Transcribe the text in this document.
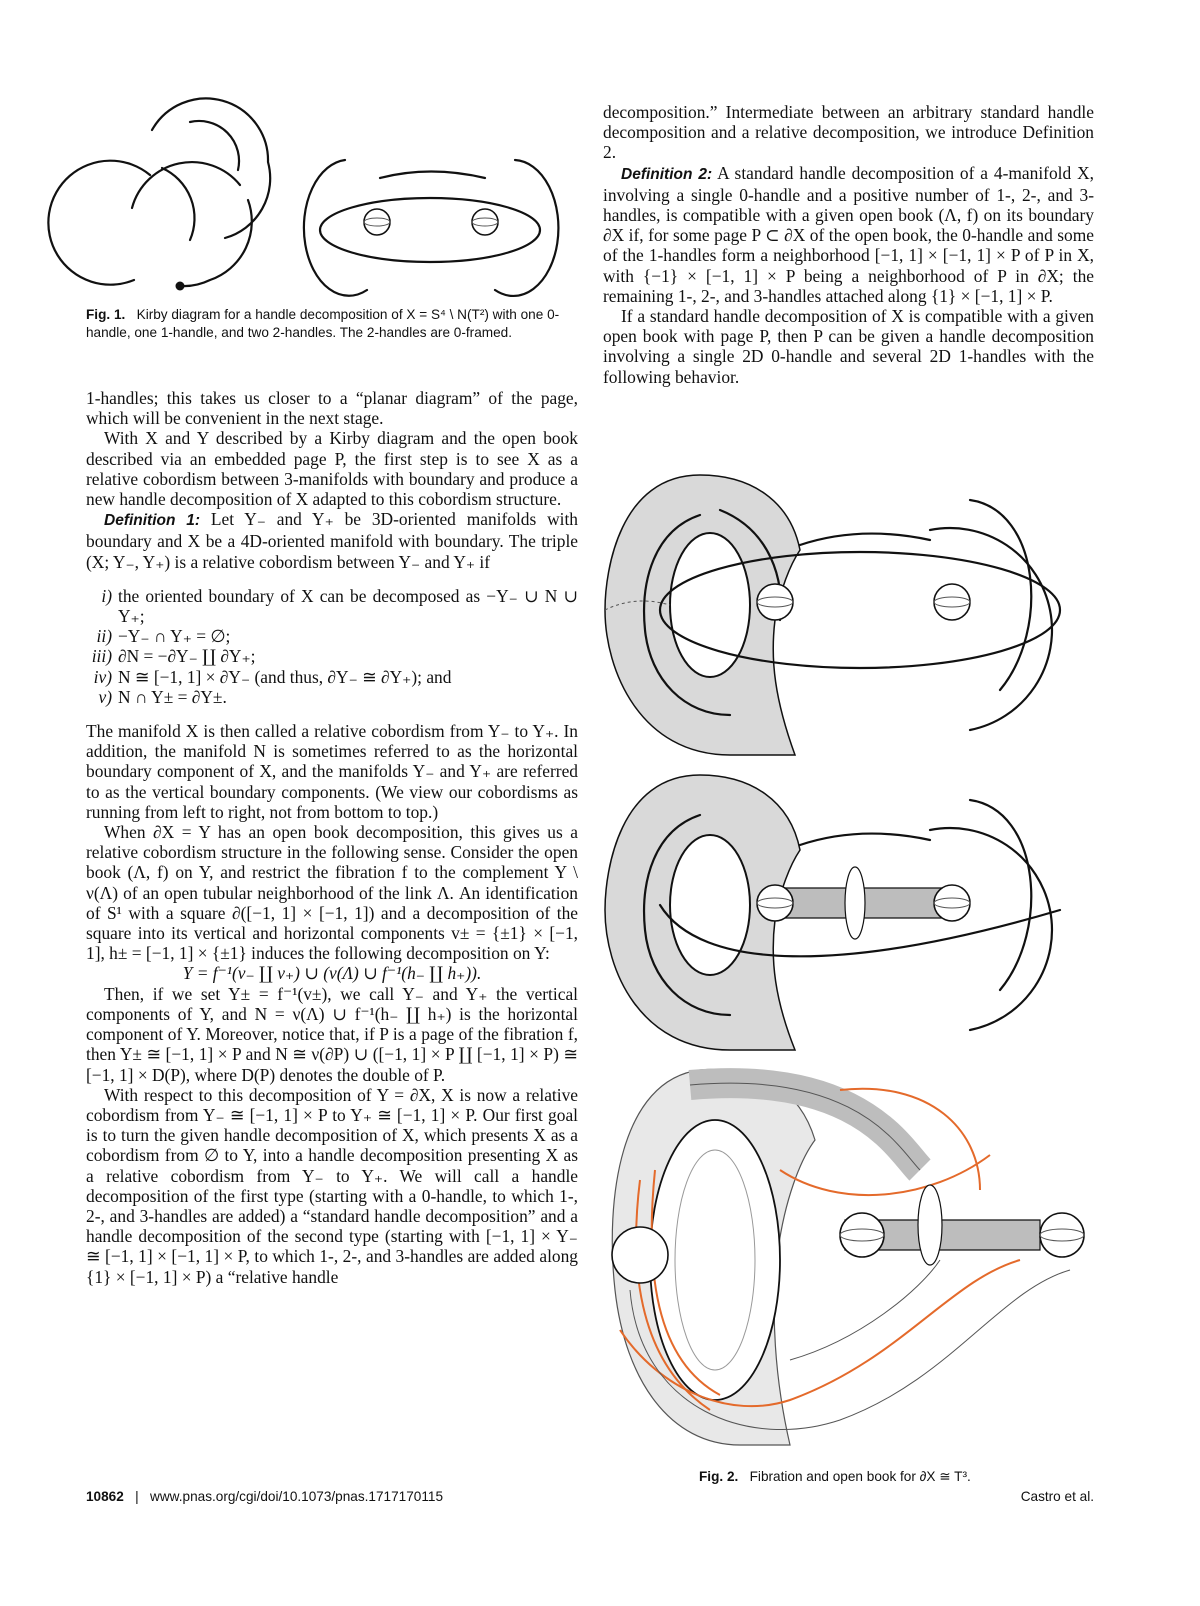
Fig. 1. Kirby diagram for a handle decomposition of X = S⁴ \ N(T²) with one 0-handle, one 1-handle, and two 2-handles. The 2-handles are 0-framed.

1-handles; this takes us closer to a “planar diagram” of the page, which will be convenient in the next stage.

With X and Y described by a Kirby diagram and the open book described via an embedded page P, the first step is to see X as a relative cobordism between 3-manifolds with boundary and produce a new handle decomposition of X adapted to this cobordism structure.

Definition 1: Let Y₋ and Y₊ be 3D-oriented manifolds with boundary and X be a 4D-oriented manifold with boundary. The triple (X; Y₋, Y₊) is a relative cobordism between Y₋ and Y₊ if

i) the oriented boundary of X can be decomposed as −Y₋ ∪ N ∪ Y₊;

ii) −Y₋ ∩ Y₊ = ∅;

iii) ∂N = −∂Y₋ ∐ ∂Y₊;

iv) N ≅ [−1, 1] × ∂Y₋ (and thus, ∂Y₋ ≅ ∂Y₊); and

v) N ∩ Y± = ∂Y±.

The manifold X is then called a relative cobordism from Y₋ to Y₊. In addition, the manifold N is sometimes referred to as the horizontal boundary component of X, and the manifolds Y₋ and Y₊ are referred to as the vertical boundary components. (We view our cobordisms as running from left to right, not from bottom to top.)

When ∂X = Y has an open book decomposition, this gives us a relative cobordism structure in the following sense. Consider the open book (Λ, f) on Y, and restrict the fibration f to the complement Y \ ν(Λ) of an open tubular neighborhood of the link Λ. An identification of S¹ with a square ∂([−1, 1] × [−1, 1]) and a decomposition of the square into its vertical and horizontal components v± = {±1} × [−1, 1], h± = [−1, 1] × {±1} induces the following decomposition on Y:

Y = f⁻¹(v₋ ∐ v₊) ∪ (ν(Λ) ∪ f⁻¹(h₋ ∐ h₊)).

Then, if we set Y± = f⁻¹(v±), we call Y₋ and Y₊ the vertical components of Y, and N = ν(Λ) ∪ f⁻¹(h₋ ∐ h₊) is the horizontal component of Y. Moreover, notice that, if P is a page of the fibration f, then Y± ≅ [−1, 1] × P and N ≅ ν(∂P) ∪ ([−1, 1] × P ∐ [−1, 1] × P) ≅ [−1, 1] × D(P), where D(P) denotes the double of P.

With respect to this decomposition of Y = ∂X, X is now a relative cobordism from Y₋ ≅ [−1, 1] × P to Y₊ ≅ [−1, 1] × P. Our first goal is to turn the given handle decomposition of X, which presents X as a cobordism from ∅ to Y, into a handle decomposition presenting X as a relative cobordism from Y₋ to Y₊. We will call a handle decomposition of the first type (starting with a 0-handle, to which 1-, 2-, and 3-handles are added) a “standard handle decomposition” and a handle decomposition of the second type (starting with [−1, 1] × Y₋ ≅ [−1, 1] × [−1, 1] × P, to which 1-, 2-, and 3-handles are added along {1} × [−1, 1] × P) a “relative handle

decomposition.” Intermediate between an arbitrary standard handle decomposition and a relative decomposition, we introduce Definition 2.

Definition 2: A standard handle decomposition of a 4-manifold X, involving a single 0-handle and a positive number of 1-, 2-, and 3-handles, is compatible with a given open book (Λ, f) on its boundary ∂X if, for some page P ⊂ ∂X of the open book, the 0-handle and some of the 1-handles form a neighborhood [−1, 1] × [−1, 1] × P of P in X, with {−1} × [−1, 1] × P being a neighborhood of P in ∂X; the remaining 1-, 2-, and 3-handles attached along {1} × [−1, 1] × P.

If a standard handle decomposition of X is compatible with a given open book with page P, then P can be given a handle decomposition involving a single 2D 0-handle and several 2D 1-handles with the following behavior.

Fig. 2. Fibration and open book for ∂X ≅ T³.
10862 | www.pnas.org/cgi/doi/10.1073/pnas.1717170115	Castro et al.
